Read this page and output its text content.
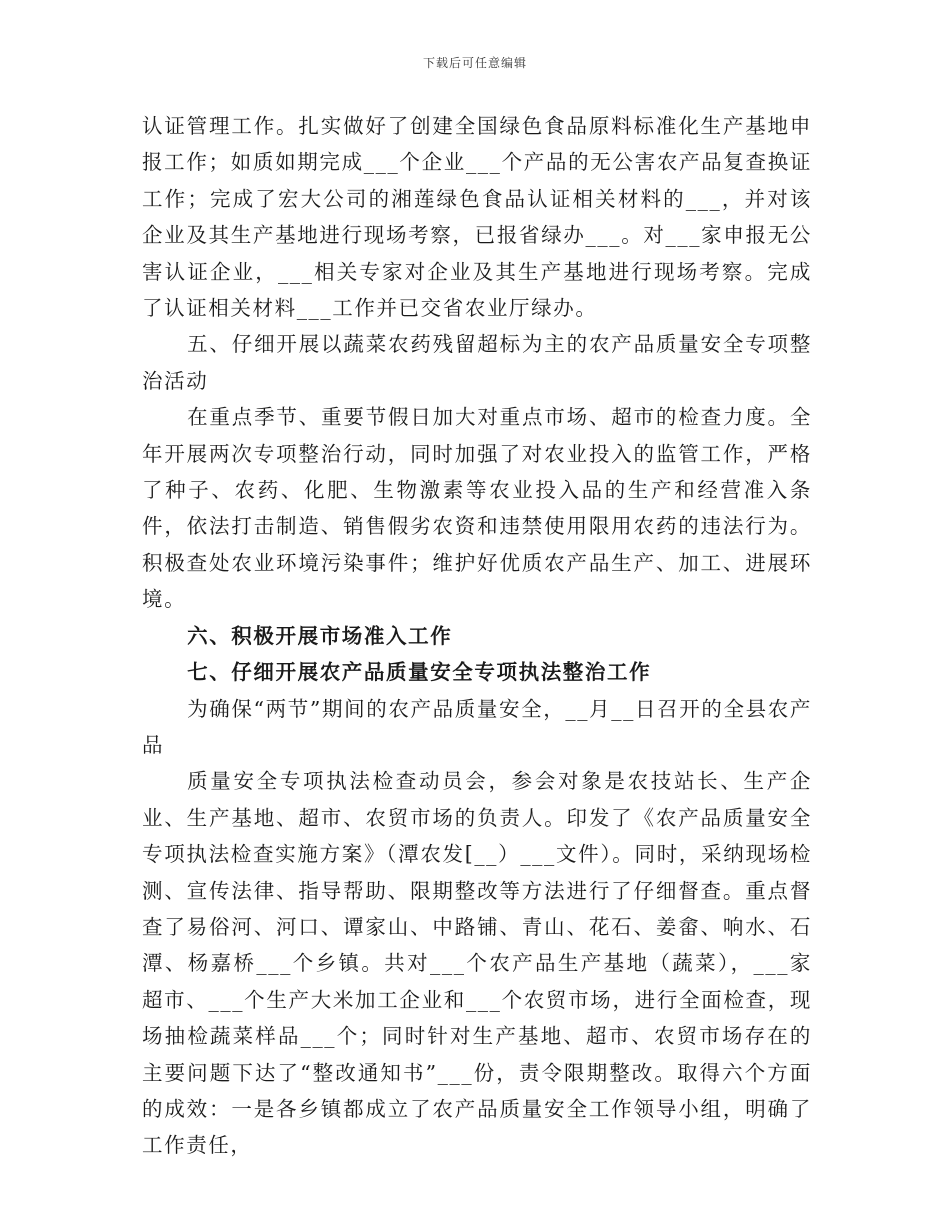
下载后可任意编辑

认证管理工作。扎实做好了创建全国绿色食品原料标准化生产基地申报工作；如质如期完成___个企业___个产品的无公害农产品复查换证工作；完成了宏大公司的湘莲绿色食品认证相关材料的___，并对该企业及其生产基地进行现场考察，已报省绿办___。对___家申报无公害认证企业，___相关专家对企业及其生产基地进行现场考察。完成了认证相关材料___工作并已交省农业厅绿办。

五、仔细开展以蔬菜农药残留超标为主的农产品质量安全专项整治活动

在重点季节、重要节假日加大对重点市场、超市的检查力度。全年开展两次专项整治行动，同时加强了对农业投入的监管工作，严格了种子、农药、化肥、生物激素等农业投入品的生产和经营准入条件，依法打击制造、销售假劣农资和违禁使用限用农药的违法行为。积极查处农业环境污染事件；维护好优质农产品生产、加工、进展环境。

六、积极开展市场准入工作

七、仔细开展农产品质量安全专项执法整治工作

为确保“两节”期间的农产品质量安全，__月__日召开的全县农产品

质量安全专项执法检查动员会，参会对象是农技站长、生产企业、生产基地、超市、农贸市场的负责人。印发了《农产品质量安全专项执法检查实施方案》（潭农发[__）___文件）。同时，采纳现场检测、宣传法律、指导帮助、限期整改等方法进行了仔细督查。重点督查了易俗河、河口、谭家山、中路铺、青山、花石、姜畲、响水、石潭、杨嘉桥___个乡镇。共对___个农产品生产基地（蔬菜），___家超市、___个生产大米加工企业和___个农贸市场，进行全面检查，现场抽检蔬菜样品___个；同时针对生产基地、超市、农贸市场存在的主要问题下达了“整改通知书”___份，责令限期整改。取得六个方面的成效：一是各乡镇都成立了农产品质量安全工作领导小组，明确了工作责任，
